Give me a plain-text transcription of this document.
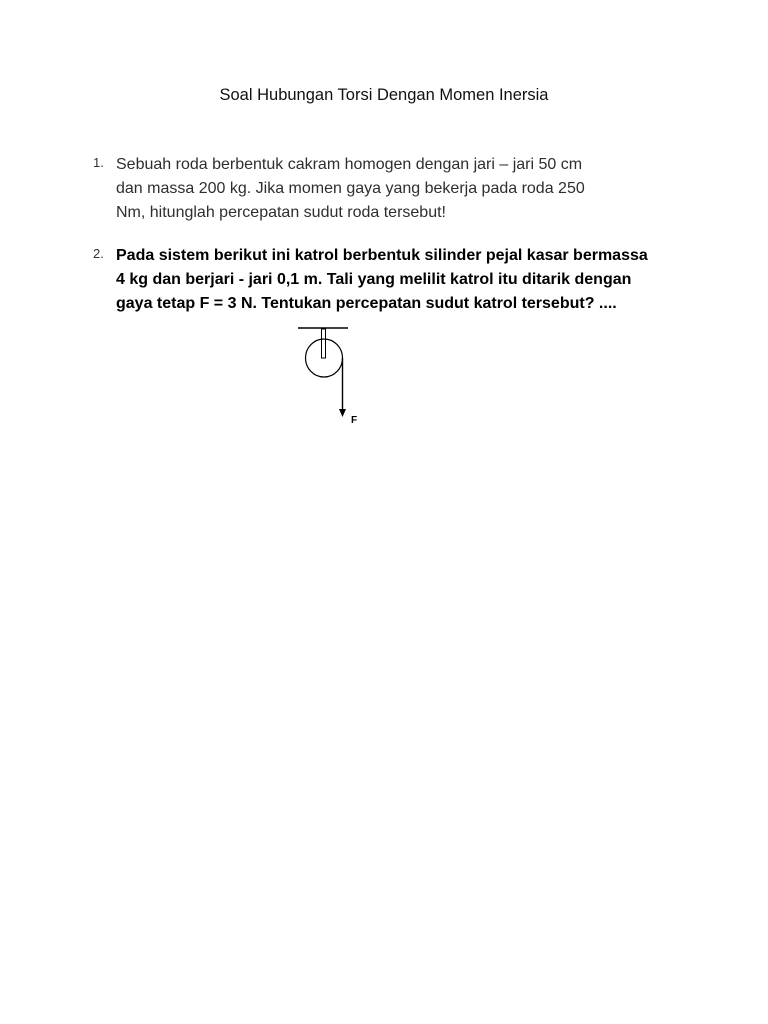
Soal Hubungan Torsi Dengan Momen Inersia
1. Sebuah roda berbentuk cakram homogen dengan jari – jari 50 cm
dan massa 200 kg. Jika momen gaya yang bekerja pada roda 250
Nm, hitunglah percepatan sudut roda tersebut!
2. Pada sistem berikut ini katrol berbentuk silinder pejal kasar bermassa
4 kg dan berjari - jari 0,1 m. Tali yang melilit katrol itu ditarik dengan
gaya tetap F = 3 N. Tentukan percepatan sudut katrol tersebut? ....
F
